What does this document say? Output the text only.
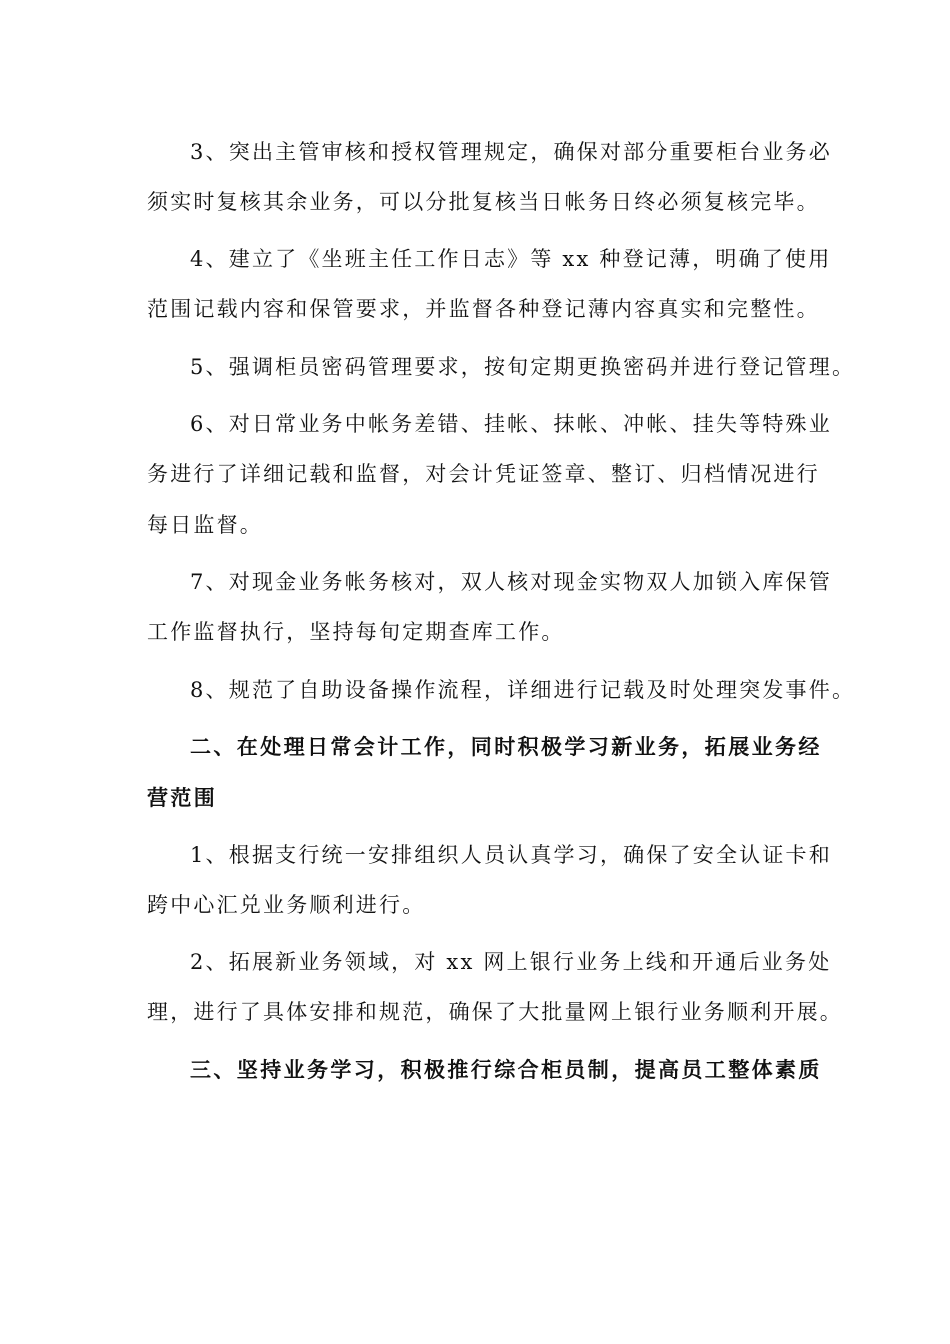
3、突出主管审核和授权管理规定，确保对部分重要柜台业务必
须实时复核其余业务，可以分批复核当日帐务日终必须复核完毕。
4、建立了《坐班主任工作日志》等 xx 种登记薄，明确了使用
范围记载内容和保管要求，并监督各种登记薄内容真实和完整性。
5、强调柜员密码管理要求，按旬定期更换密码并进行登记管理。
6、对日常业务中帐务差错、挂帐、抹帐、冲帐、挂失等特殊业
务进行了详细记载和监督，对会计凭证签章、整订、归档情况进行
每日监督。
7、对现金业务帐务核对，双人核对现金实物双人加锁入库保管
工作监督执行，坚持每旬定期查库工作。
8、规范了自助设备操作流程，详细进行记载及时处理突发事件。
二、在处理日常会计工作，同时积极学习新业务，拓展业务经
营范围
1、根据支行统一安排组织人员认真学习，确保了安全认证卡和
跨中心汇兑业务顺利进行。
2、拓展新业务领域，对 xx 网上银行业务上线和开通后业务处
理，进行了具体安排和规范，确保了大批量网上银行业务顺利开展。
三、坚持业务学习，积极推行综合柜员制，提高员工整体素质
